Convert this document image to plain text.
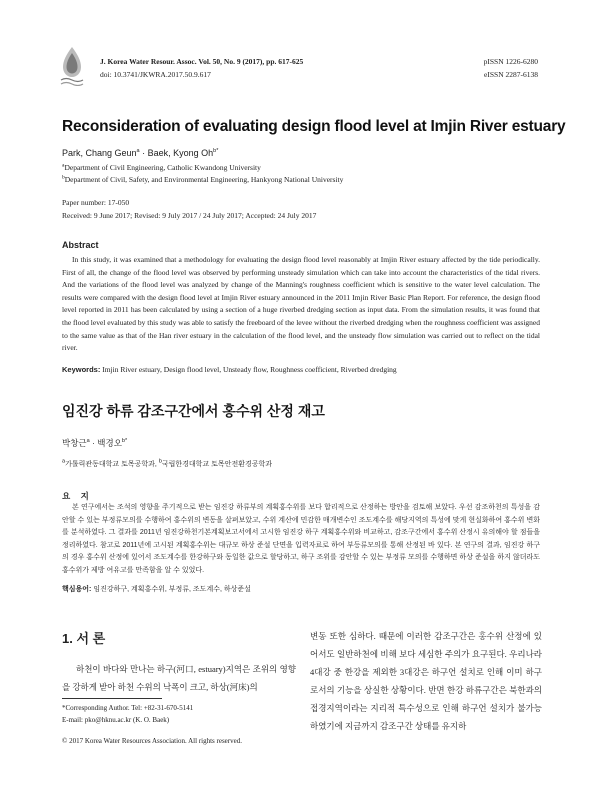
J. Korea Water Resour. Assoc. Vol. 50, No. 9 (2017), pp. 617-625
doi: 10.3741/JKWRA.2017.50.9.617
pISSN 1226-6280
eISSN 2287-6138
Reconsideration of evaluating design flood level at Imjin River estuary
Park, Chang Geun$^a$ · Baek, Kyong $Oh^{b*}$
$^a$Department of Civil Engineering, Catholic Kwandong University
$^b$Department of Civil, Safety, and Environmental Engineering, Hankyong National University
Paper number: 17-050
Received: 9 June 2017; Revised: 9 July 2017 / 24 July 2017; Accepted: 24 July 2017
Abstract
In this study, it was examined that a methodology for evaluating the design flood level reasonably at Imjin River estuary affected by the tide periodically. First of all, the change of the flood level was observed by performing unsteady simulation which can take into account the characteristics of the tidal rivers. And the variations of the flood level was analyzed by change of the Manning's roughness coefficient which is sensitive to the water level calculation. The results were compared with the design flood level at Imjin River estuary announced in the 2011 Imjin River Basic Plan Report. For reference, the design flood level reported in 2011 has been calculated by using a section of a huge riverbed dredging section as input data. From the simulation results, it was found that the flood level evaluated by this study was able to satisfy the freeboard of the levee without the riverbed dredging when the roughness coefficient was assigned to the same value as that of the Han river estuary in the calculation of the flood level, and the unsteady flow simulation was carried out to reflect on the tidal river.
Keywords: Imjin River estuary, Design flood level, Unsteady flow, Roughness coefficient, Riverbed dredging
임진강 하류 감조구간에서 홍수위 산정 재고
박창근$^a$ · 백경오$^{b*}$
$^a$가톨릭관동대학교 토목공학과, $^b$국립한경대학교 토목안전환경공학과
요 지
본 연구에서는 조석의 영향을 주기적으로 받는 임진강 하류부의 계획홍수위를 보다 합리적으로 산정하는 방안을 검토해 보았다. 우선 감조하천의 특성을 감안할 수 있는 부정류모의를 수행하여 홍수위의 변동을 살펴보았고, 수위 계산에 민감한 매개변수인 조도계수를 해당지역의 특성에 맞게 현실화하여 홍수위 변화를 분석하였다. 그 결과를 2011년 임진강하천기본계획보고서에서 고시한 임진강 하구 계획홍수위와 비교하고, 감조구간에서 홍수위 산정시 유의해야 할 점들을 정리하였다. 참고로 2011년에 고시된 계획홍수위는 대규모 하상 준설 단면을 입력자료로 하여 부등류모의를 통해 산정된 바 있다. 본 연구의 결과, 임진강 하구의 경우 홍수위 산정에 있어서 조도계수를 한강하구와 동일한 값으로 할당하고, 하구 조위를 감안할 수 있는 부정류 모의를 수행하면 하상 준설을 하지 않더라도 홍수위가 제방 여유고를 만족함을 알 수 있었다.
핵심용어: 임진강하구, 계획홍수위, 부정류, 조도계수, 하상준설
1. 서 론
하천이 바다와 만나는 하구(河口, estuary)지역은 조위의 영향을 강하게 받아 하천 수위의 낙폭이 크고, 하상(河床)의
변동 또한 심하다. 때문에 이러한 감조구간은 홍수위 산정에 있어서도 일반하천에 비해 보다 세심한 주의가 요구된다. 우리나라 4대강 중 한강을 제외한 3대강은 하구언 설치로 인해 이미 하구로서의 기능을 상실한 상황이다. 반면 한강 하류구간은 북한과의 접경지역이라는 지리적 특수성으로 인해 하구언 설치가 불가능하였기에 지금까지 감조구간 상태를 유지하
*Corresponding Author. Tel: +82-31-670-5141
E-mail: pko@hknu.ac.kr (K. O. Baek)
© 2017 Korea Water Resources Association. All rights reserved.
